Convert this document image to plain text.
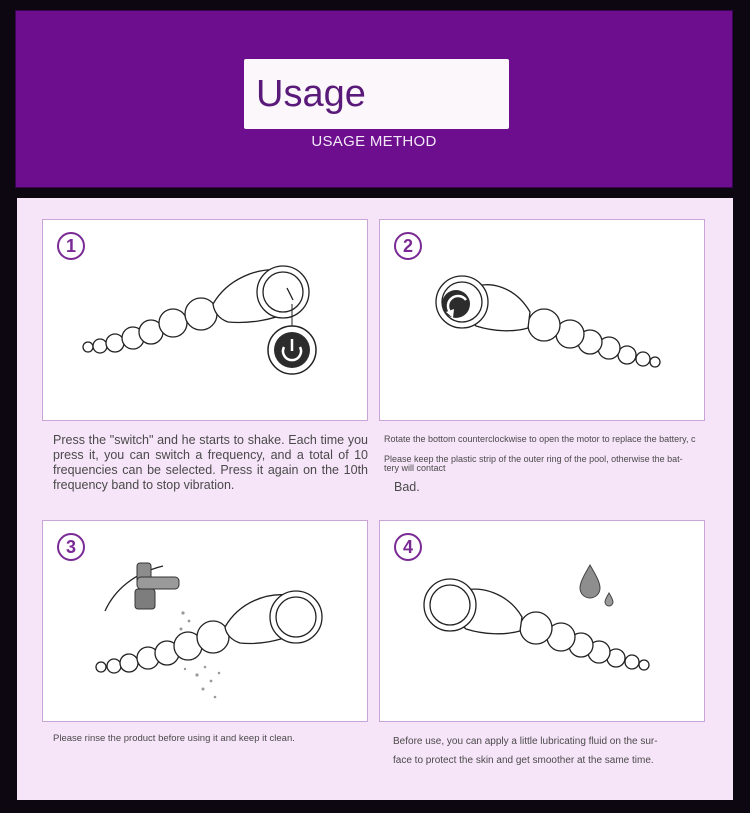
Usage
USAGE METHOD
1	2
3	4
Press the "switch" and he starts to shake. Each time you press it, you can switch a frequency, and a total of 10 frequencies can be selected. Press it again on the 10th frequency band to stop vibration.
Rotate the bottom counterclockwise to open the motor to replace the battery, c
Please keep the plastic strip of the outer ring of the pool, otherwise the bat-
tery will contact
Bad.
Please rinse the product before using it and keep it clean.	Before use, you can apply a little lubricating fluid on the sur-
face to protect the skin and get smoother at the same time.
